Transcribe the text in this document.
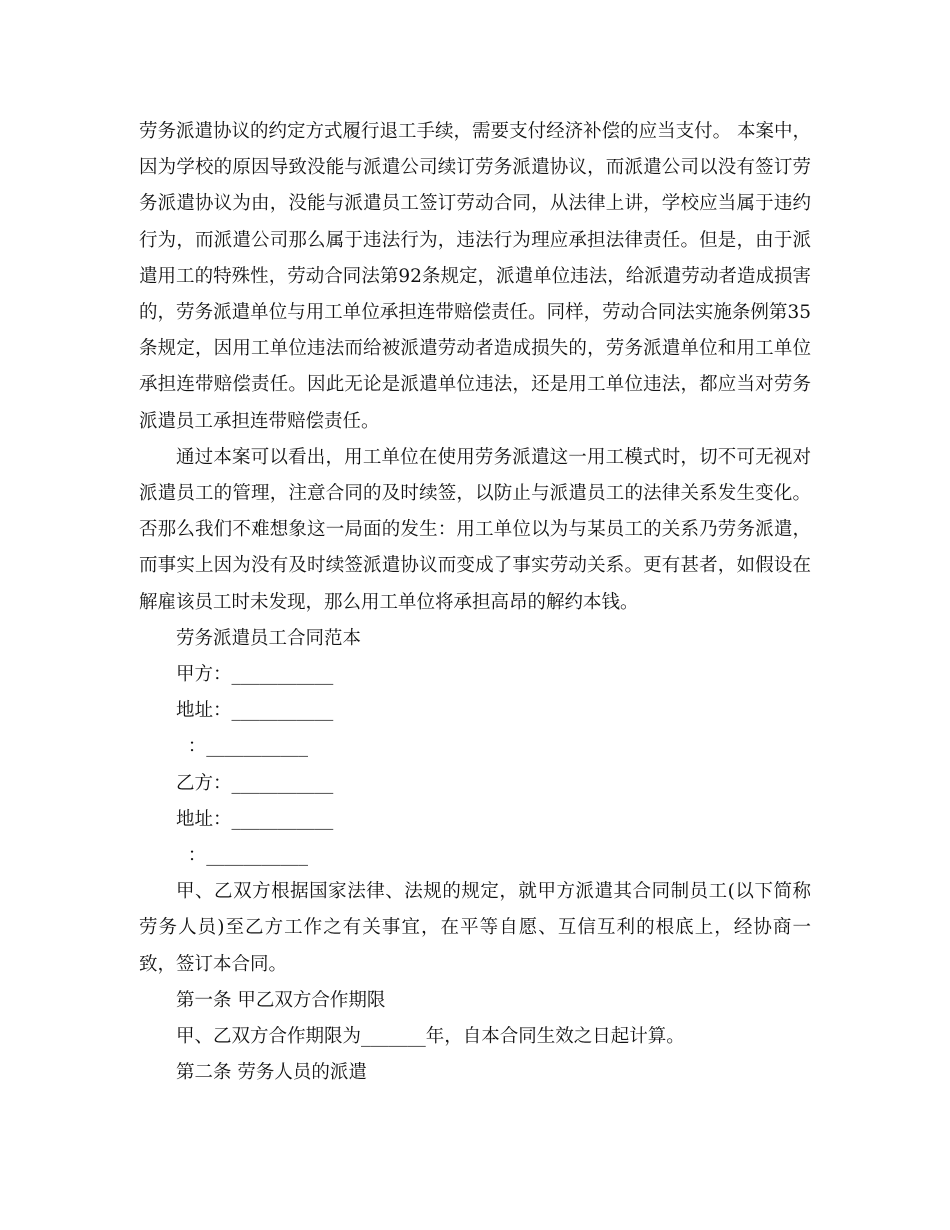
劳务派遣协议的约定方式履行退工手续，需要支付经济补偿的应当支付。 本案中，因为学校的原因导致没能与派遣公司续订劳务派遣协议，而派遣公司以没有签订劳务派遣协议为由，没能与派遣员工签订劳动合同，从法律上讲，学校应当属于违约行为，而派遣公司那么属于违法行为，违法行为理应承担法律责任。但是，由于派遣用工的特殊性，劳动合同法第92条规定，派遣单位违法，给派遣劳动者造成损害的，劳务派遣单位与用工单位承担连带赔偿责任。同样，劳动合同法实施条例第35条规定，因用工单位违法而给被派遣劳动者造成损失的，劳务派遣单位和用工单位承担连带赔偿责任。因此无论是派遣单位违法，还是用工单位违法，都应当对劳务派遣员工承担连带赔偿责任。

通过本案可以看出，用工单位在使用劳务派遣这一用工模式时，切不可无视对派遣员工的管理，注意合同的及时续签，以防止与派遣员工的法律关系发生变化。否那么我们不难想象这一局面的发生：用工单位以为与某员工的关系乃劳务派遣，而事实上因为没有及时续签派遣协议而变成了事实劳动关系。更有甚者，如假设在解雇该员工时未发现，那么用工单位将承担高昂的解约本钱。

劳务派遣员工合同范本

甲方：___________

地址：___________

：___________

乙方：___________

地址：___________

：___________

甲、乙双方根据国家法律、法规的规定，就甲方派遣其合同制员工(以下简称劳务人员)至乙方工作之有关事宜，在平等自愿、互信互利的根底上，经协商一致，签订本合同。

第一条 甲乙双方合作期限

甲、乙双方合作期限为_______年，自本合同生效之日起计算。

第二条 劳务人员的派遣
